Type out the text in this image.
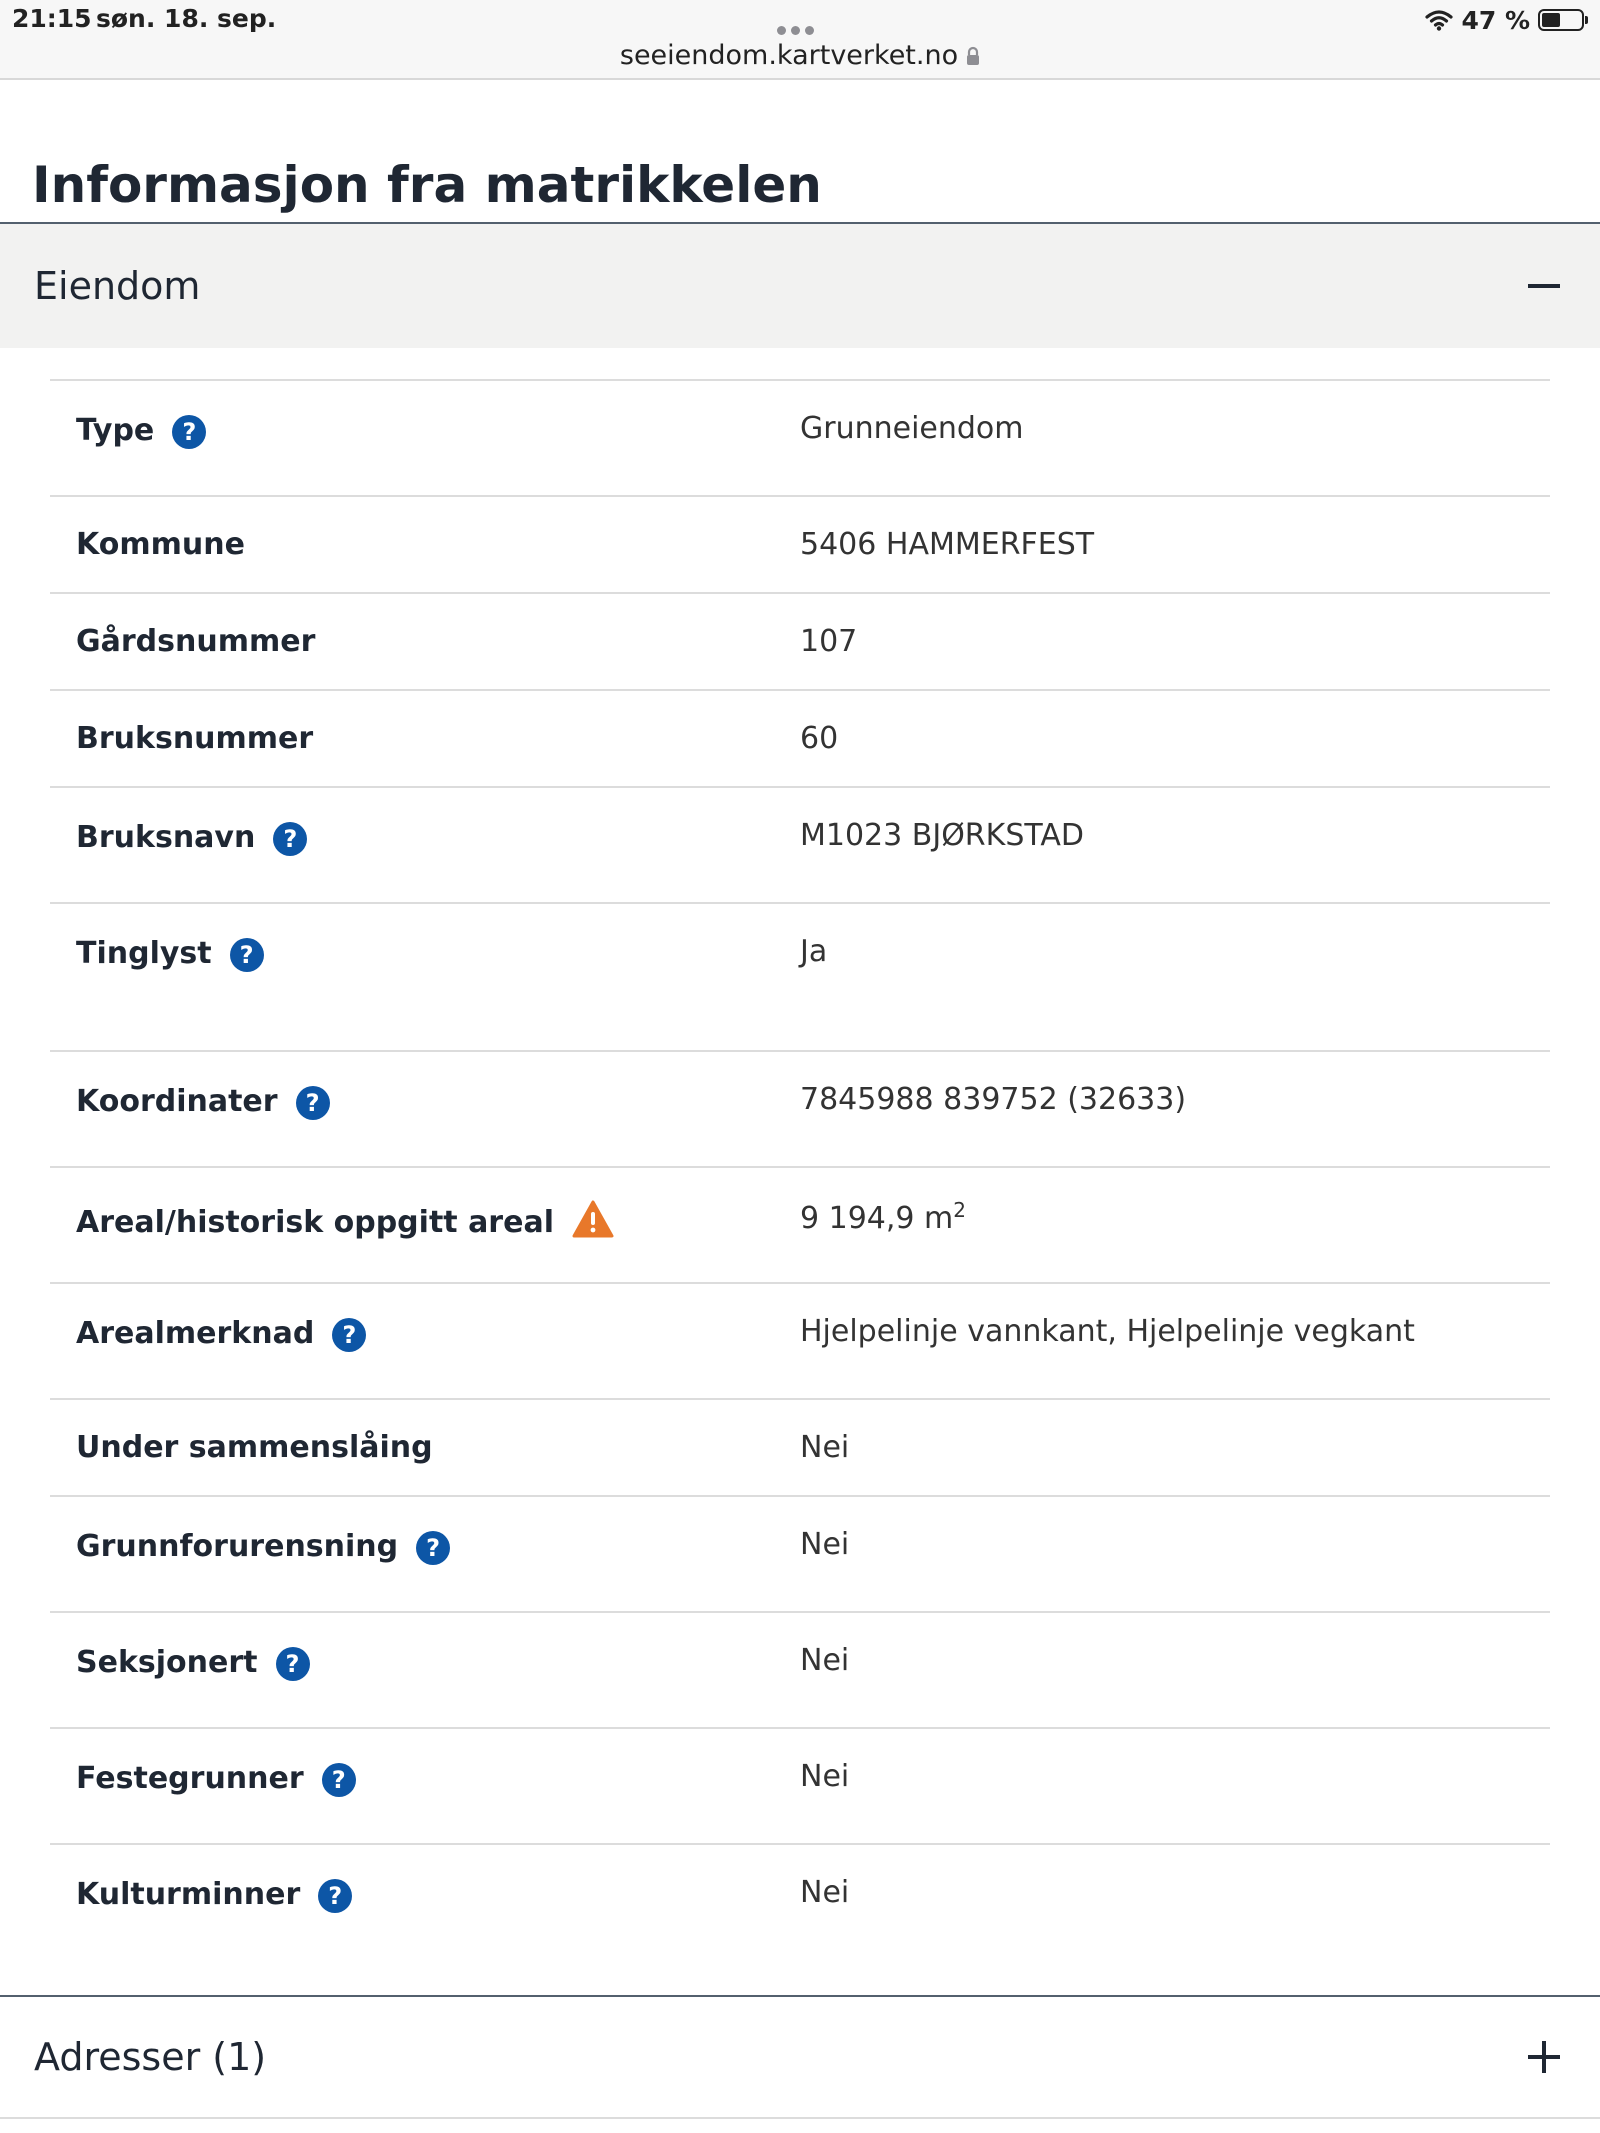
21:15 søn. 18. sep.
seeiendom.kartverket.no
47 %
Informasjon fra matrikkelen
Eiendom
Type	?	Grunneiendom
Kommune	5406 HAMMERFEST
Gårdsnummer	107
Bruksnummer	60
Bruksnavn	?	M1023 BJØRKSTAD
Tinglyst	?	Ja
Koordinater	?	7845988 839752 (32633)
Areal/historisk oppgitt areal	9 194,9 $m^2$
Arealmerknad	?	Hjelpelinje vannkant, Hjelpelinje vegkant
Under sammenslåing	Nei
Grunnforurensning	?	Nei
Seksjonert	?	Nei
Festegrunner	?	Nei
Kulturminner	?	Nei
Adresser (1)
